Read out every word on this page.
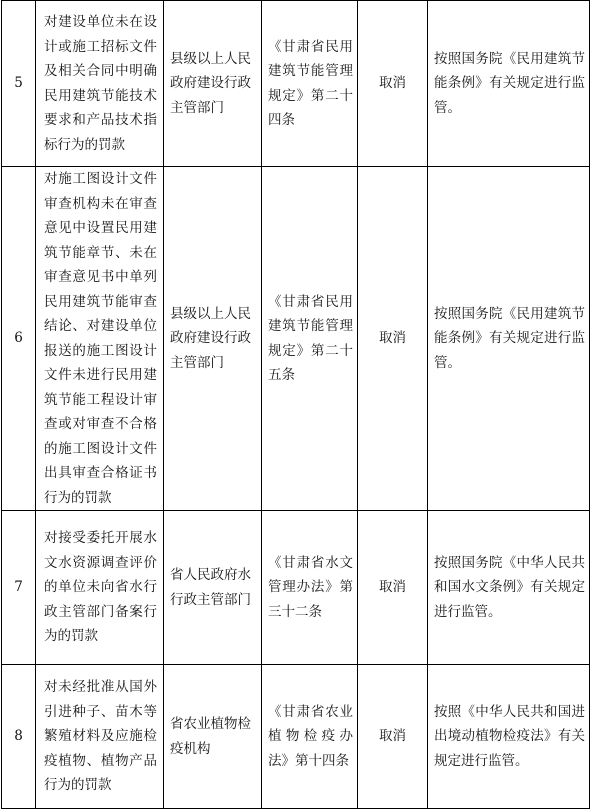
5	对建设单位未在设计或施工招标文件及相关合同中明确民用建筑节能技术要求和产品技术指标行为的罚款	县级以上人民政府建设行政主管部门	《甘肃省民用建筑节能管理规定》第二十四条	取消	按照国务院《民用建筑节能条例》有关规定进行监管。
6	对施工图设计文件审查机构未在审查意见中设置民用建筑节能章节、未在审查意见书中单列民用建筑节能审查结论、对建设单位报送的施工图设计文件未进行民用建筑节能工程设计审查或对审查不合格的施工图设计文件出具审查合格证书行为的罚款	县级以上人民政府建设行政主管部门	《甘肃省民用建筑节能管理规定》第二十五条	取消	按照国务院《民用建筑节能条例》有关规定进行监管。
7	对接受委托开展水文水资源调查评价的单位未向省水行政主管部门备案行为的罚款	省人民政府水行政主管部门	《甘肃省水文管理办法》第三十二条	取消	按照国务院《中华人民共和国水文条例》有关规定进行监管。
8	对未经批准从国外引进种子、苗木等繁殖材料及应施检疫植物、植物产品行为的罚款	省农业植物检疫机构	《甘肃省农业植物检疫办法》第十四条	取消	按照《中华人民共和国进出境动植物检疫法》有关规定进行监管。
